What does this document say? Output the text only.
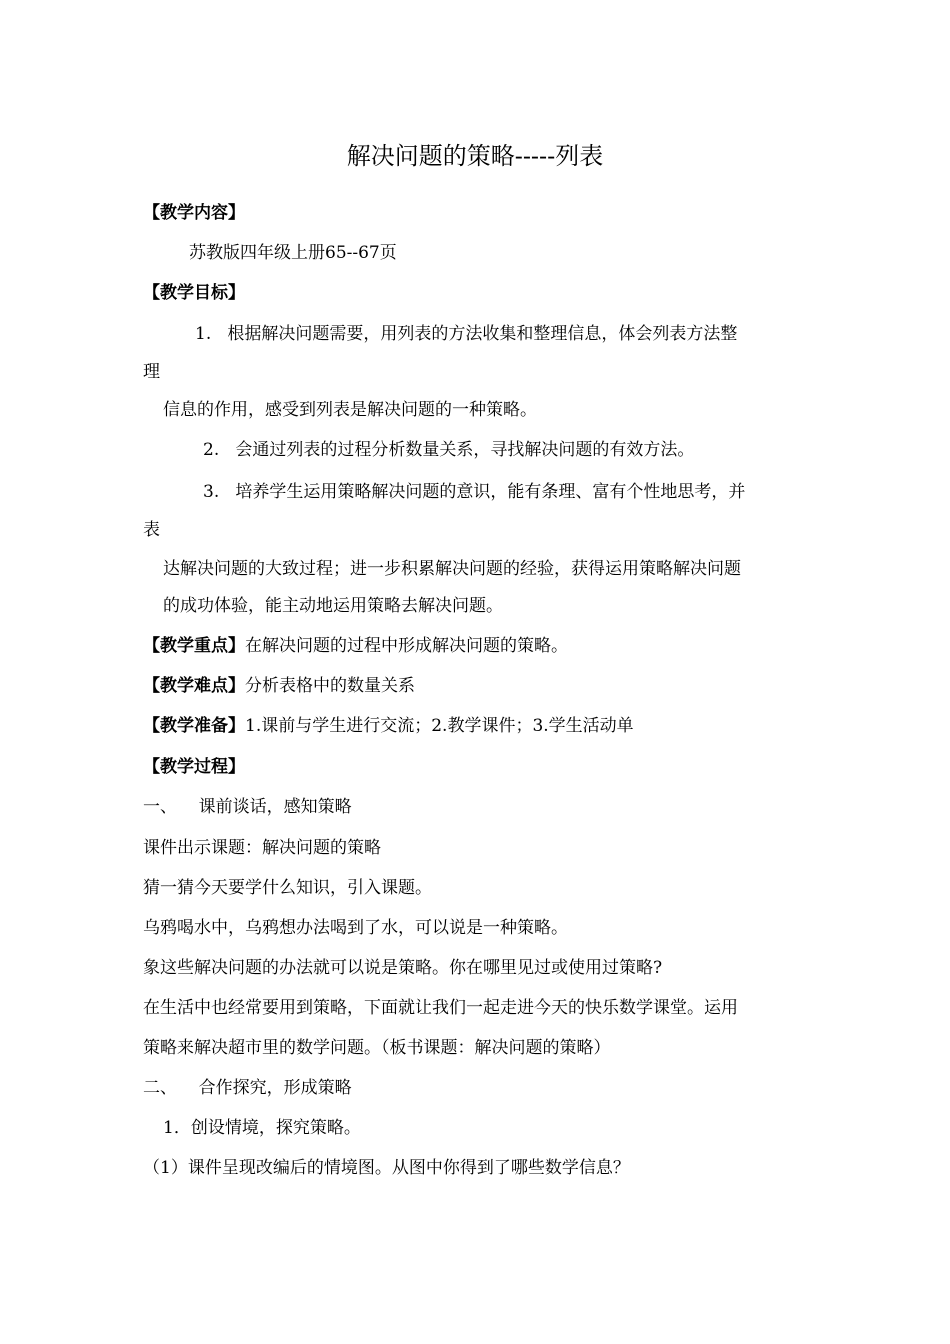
解决问题的策略-----列表
【教学内容】
苏教版四年级上册65--67页
【教学目标】
1.   根据解决问题需要，用列表的方法收集和整理信息，体会列表方法整
理
信息的作用，感受到列表是解决问题的一种策略。
2.   会通过列表的过程分析数量关系，寻找解决问题的有效方法。
3.   培养学生运用策略解决问题的意识，能有条理、富有个性地思考，并
表
达解决问题的大致过程；进一步积累解决问题的经验，获得运用策略解决问题
的成功体验，能主动地运用策略去解决问题。
【教学重点】在解决问题的过程中形成解决问题的策略。
【教学难点】分析表格中的数量关系
【教学准备】1.课前与学生进行交流；2.教学课件；3.学生活动单
【教学过程】
一、    课前谈话，感知策略
课件出示课题：解决问题的策略
猜一猜今天要学什么知识，引入课题。
乌鸦喝水中，乌鸦想办法喝到了水，可以说是一种策略。
象这些解决问题的办法就可以说是策略。你在哪里见过或使用过策略?
在生活中也经常要用到策略，下面就让我们一起走进今天的快乐数学课堂。运用
策略来解决超市里的数学问题。（板书课题：解决问题的策略）
二、    合作探究，形成策略
1．创设情境，探究策略。
（1）课件呈现改编后的情境图。从图中你得到了哪些数学信息？
